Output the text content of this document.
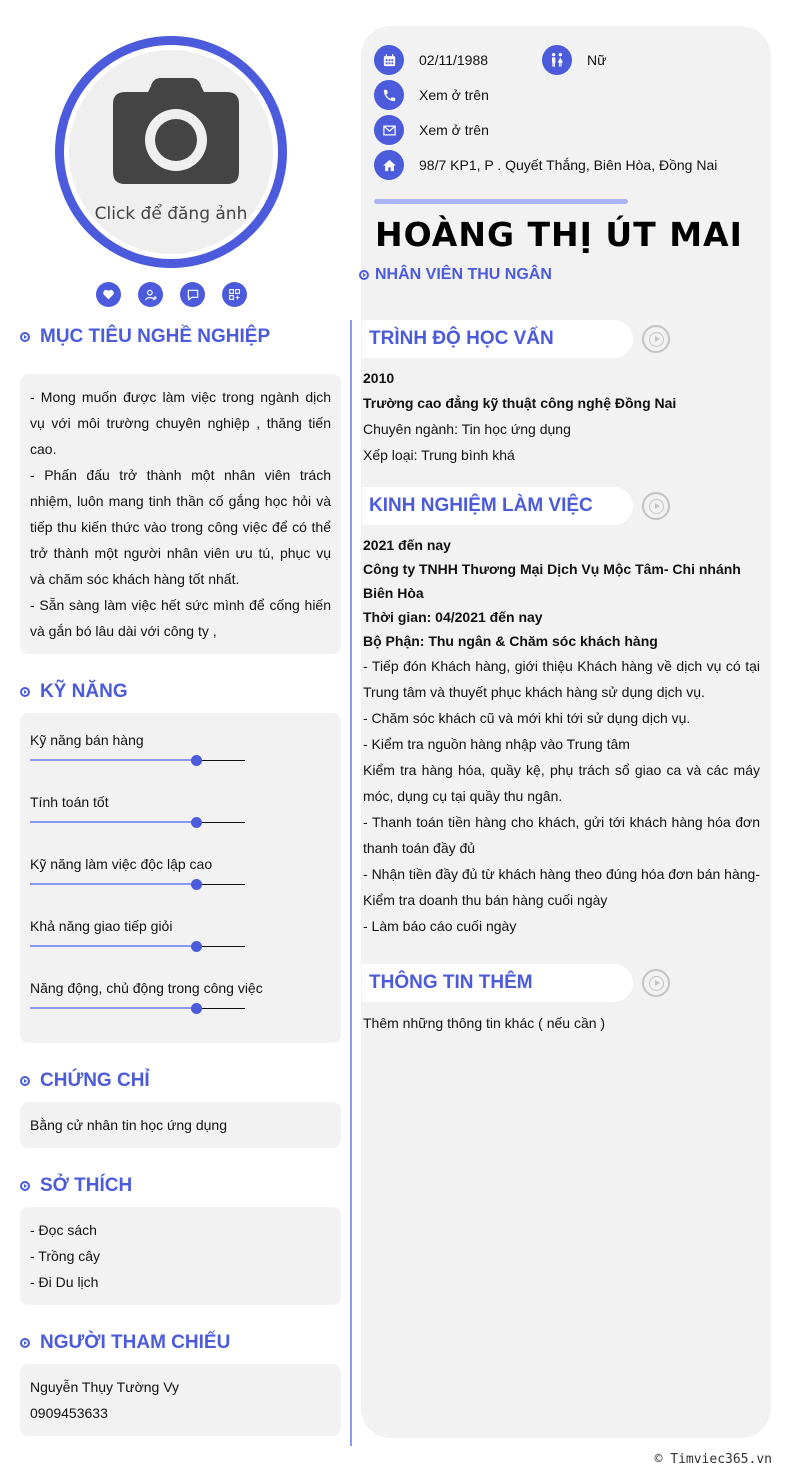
Click để đăng ảnh
02/11/1988	Nữ
Xem ở trên
Xem ở trên
98/7 KP1, P . Quyết Thắng, Biên Hòa, Đồng Nai
HOÀNG THỊ ÚT MAI
NHÂN VIÊN THU NGÂN
MỤC TIÊU NGHỀ NGHIỆP
- Mong muốn được làm việc trong ngành dịch vụ với môi trường chuyên nghiệp , thăng tiến cao.
- Phấn đấu trở thành một nhân viên trách nhiệm, luôn mang tinh thần cố gắng học hỏi và tiếp thu kiến thức vào trong công việc để có thể trở thành một người nhân viên ưu tú, phục vụ và chăm sóc khách hàng tốt nhất.
- Sẵn sàng làm việc hết sức mình để cống hiến và gắn bó lâu dài với công ty ,
KỸ NĂNG
Kỹ năng bán hàng
Tính toán tốt
Kỹ năng làm việc độc lập cao
Khả năng giao tiếp giỏi
Năng động, chủ động trong công việc
CHỨNG CHỈ
Bằng cử nhân tin học ứng dụng
SỞ THÍCH
- Đọc sách
- Trồng cây
- Đi Du lịch
NGƯỜI THAM CHIẾU
Nguyễn Thụy Tường Vy
0909453633
TRÌNH ĐỘ HỌC VẤN
2010
Trường cao đẳng kỹ thuật công nghệ Đồng Nai
Chuyên ngành: Tin học ứng dụng
Xếp loại: Trung bình khá
KINH NGHIỆM LÀM VIỆC
2021 đến nay
Công ty TNHH Thương Mại Dịch Vụ Mộc Tâm- Chi nhánh Biên Hòa
Thời gian: 04/2021 đến nay
Bộ Phận: Thu ngân & Chăm sóc khách hàng
- Tiếp đón Khách hàng, giới thiệu Khách hàng về dịch vụ có tại Trung tâm và thuyết phục khách hàng sử dụng dịch vụ.
- Chăm sóc khách cũ và mới khi tới sử dụng dịch vụ.
- Kiểm tra nguồn hàng nhập vào Trung tâm
Kiểm tra hàng hóa, quầy kệ, phụ trách sổ giao ca và các máy móc, dụng cụ tại quầy thu ngân.
- Thanh toán tiền hàng cho khách, gửi tới khách hàng hóa đơn thanh toán đầy đủ
- Nhận tiền đầy đủ từ khách hàng theo đúng hóa đơn bán hàng- Kiểm tra doanh thu bán hàng cuối ngày
- Làm báo cáo cuối ngày
THÔNG TIN THÊM
Thêm những thông tin khác ( nếu cần )
© Timviec365.vn
